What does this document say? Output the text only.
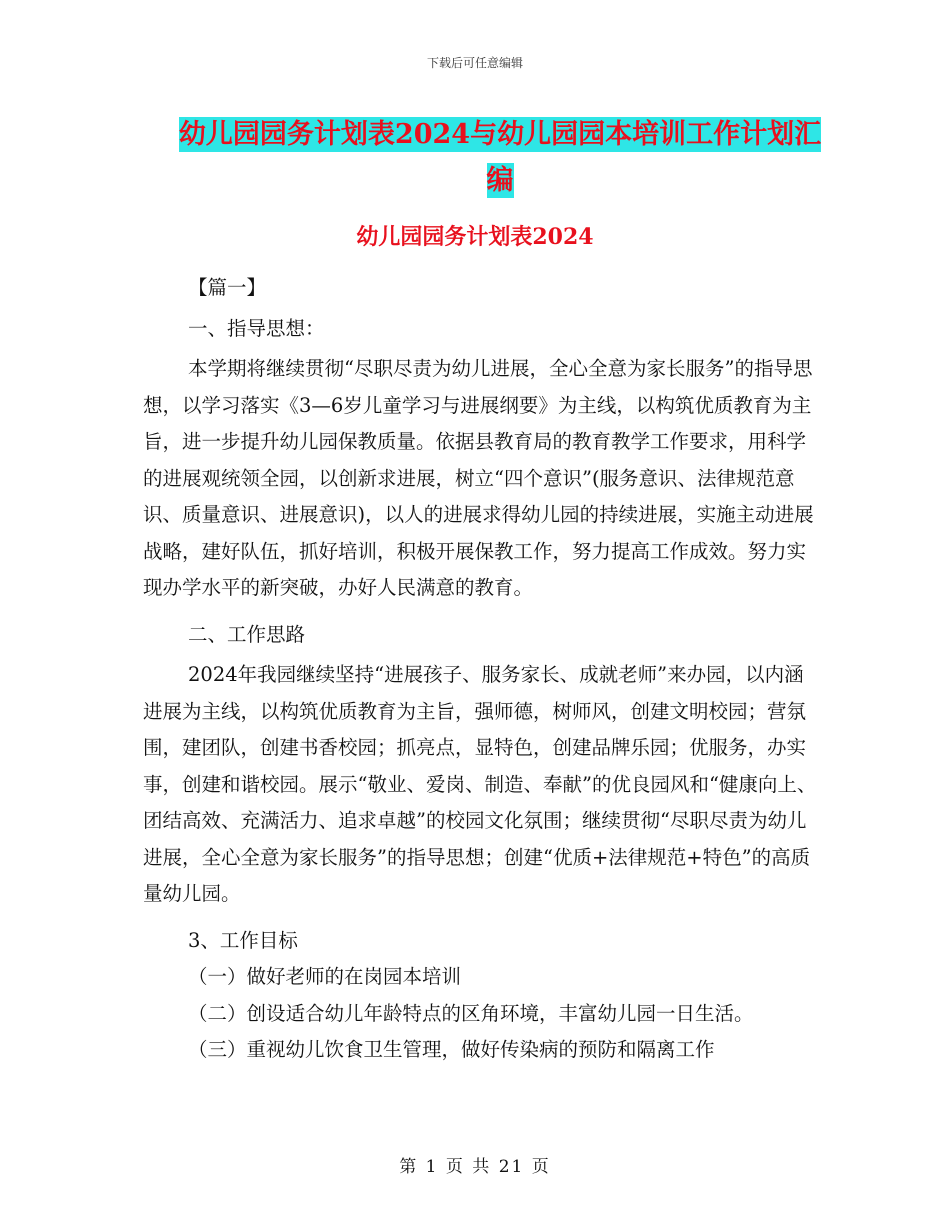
下载后可任意编辑
幼儿园园务计划表2024与幼儿园园本培训工作计划汇
编
幼儿园园务计划表2024

【篇一】

一、指导思想：

本学期将继续贯彻“尽职尽责为幼儿进展，全心全意为家长服务”的指导思想，以学习落实《3—6岁儿童学习与进展纲要》为主线，以构筑优质教育为主旨，进一步提升幼儿园保教质量。依据县教育局的教育教学工作要求，用科学的进展观统领全园，以创新求进展，树立“四个意识”(服务意识、法律规范意识、质量意识、进展意识)，以人的进展求得幼儿园的持续进展，实施主动进展战略，建好队伍，抓好培训，积极开展保教工作，努力提高工作成效。努力实现办学水平的新突破，办好人民满意的教育。

二、工作思路

2024年我园继续坚持“进展孩子、服务家长、成就老师”来办园，以内涵进展为主线，以构筑优质教育为主旨，强师德，树师风，创建文明校园；营氛围，建团队，创建书香校园；抓亮点，显特色，创建品牌乐园；优服务，办实事，创建和谐校园。展示“敬业、爱岗、制造、奉献”的优良园风和“健康向上、团结高效、充满活力、追求卓越”的校园文化氛围；继续贯彻“尽职尽责为幼儿进展，全心全意为家长服务”的指导思想；创建“优质+法律规范+特色”的高质量幼儿园。

3、工作目标

（一）做好老师的在岗园本培训

（二）创设适合幼儿年龄特点的区角环境，丰富幼儿园一日生活。

（三）重视幼儿饮食卫生管理，做好传染病的预防和隔离工作

第 1 页 共 21 页
